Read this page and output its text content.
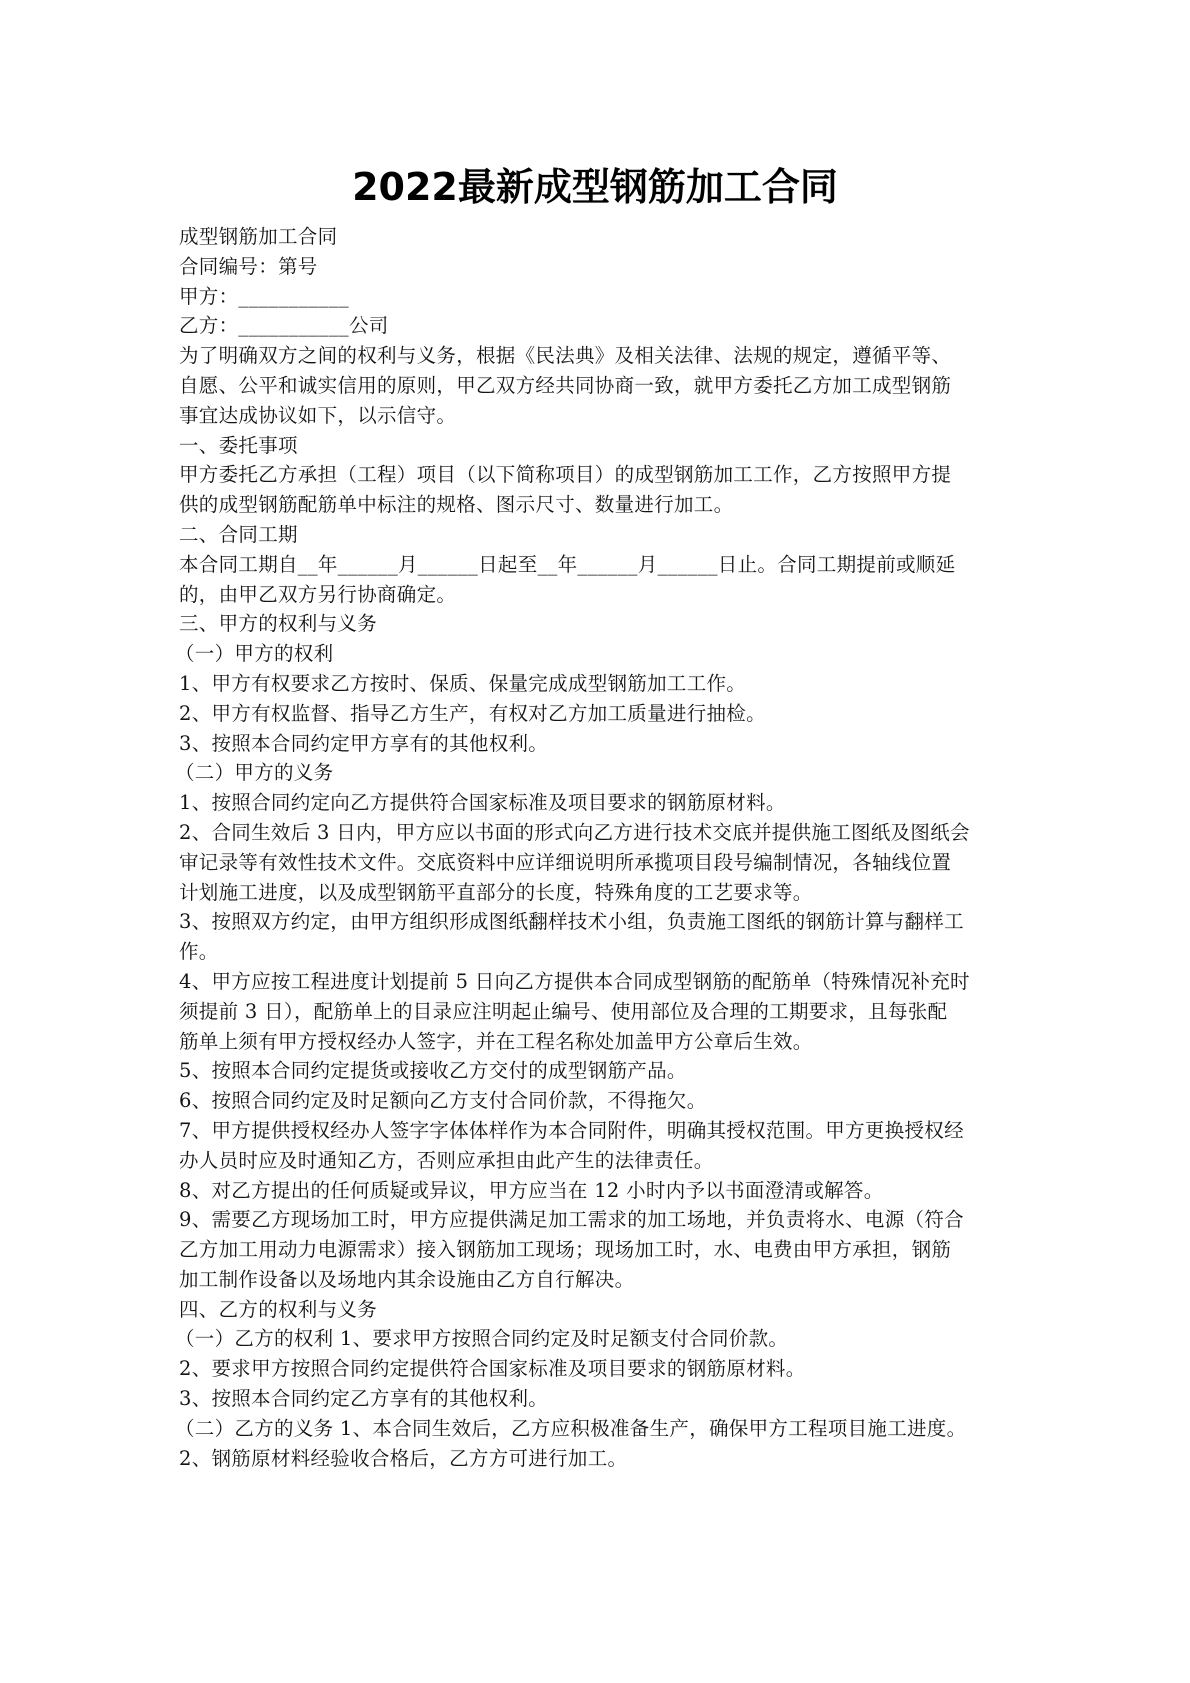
2022最新成型钢筋加工合同
成型钢筋加工合同
合同编号：第号
甲方：___________
乙方：___________公司
为了明确双方之间的权利与义务，根据《民法典》及相关法律、法规的规定，遵循平等、
自愿、公平和诚实信用的原则，甲乙双方经共同协商一致，就甲方委托乙方加工成型钢筋
事宜达成协议如下，以示信守。
一、委托事项
甲方委托乙方承担（工程）项目（以下简称项目）的成型钢筋加工工作，乙方按照甲方提
供的成型钢筋配筋单中标注的规格、图示尺寸、数量进行加工。
二、合同工期
本合同工期自__年______月______日起至__年______月______日止。合同工期提前或顺延
的，由甲乙双方另行协商确定。
三、甲方的权利与义务
（一）甲方的权利
1、甲方有权要求乙方按时、保质、保量完成成型钢筋加工工作。
2、甲方有权监督、指导乙方生产，有权对乙方加工质量进行抽检。
3、按照本合同约定甲方享有的其他权利。
（二）甲方的义务
1、按照合同约定向乙方提供符合国家标准及项目要求的钢筋原材料。
2、合同生效后 3 日内，甲方应以书面的形式向乙方进行技术交底并提供施工图纸及图纸会
审记录等有效性技术文件。交底资料中应详细说明所承揽项目段号编制情况，各轴线位置
计划施工进度，以及成型钢筋平直部分的长度，特殊角度的工艺要求等。
3、按照双方约定，由甲方组织形成图纸翻样技术小组，负责施工图纸的钢筋计算与翻样工
作。
4、甲方应按工程进度计划提前 5 日向乙方提供本合同成型钢筋的配筋单（特殊情况补充时
须提前 3 日），配筋单上的目录应注明起止编号、使用部位及合理的工期要求，且每张配
筋单上须有甲方授权经办人签字，并在工程名称处加盖甲方公章后生效。
5、按照本合同约定提货或接收乙方交付的成型钢筋产品。
6、按照合同约定及时足额向乙方支付合同价款，不得拖欠。
7、甲方提供授权经办人签字字体体样作为本合同附件，明确其授权范围。甲方更换授权经
办人员时应及时通知乙方，否则应承担由此产生的法律责任。
8、对乙方提出的任何质疑或异议，甲方应当在 12 小时内予以书面澄清或解答。
9、需要乙方现场加工时，甲方应提供满足加工需求的加工场地，并负责将水、电源（符合
乙方加工用动力电源需求）接入钢筋加工现场；现场加工时，水、电费由甲方承担，钢筋
加工制作设备以及场地内其余设施由乙方自行解决。
四、乙方的权利与义务
（一）乙方的权利 1、要求甲方按照合同约定及时足额支付合同价款。
2、要求甲方按照合同约定提供符合国家标准及项目要求的钢筋原材料。
3、按照本合同约定乙方享有的其他权利。
（二）乙方的义务 1、本合同生效后，乙方应积极准备生产，确保甲方工程项目施工进度。
2、钢筋原材料经验收合格后，乙方方可进行加工。
